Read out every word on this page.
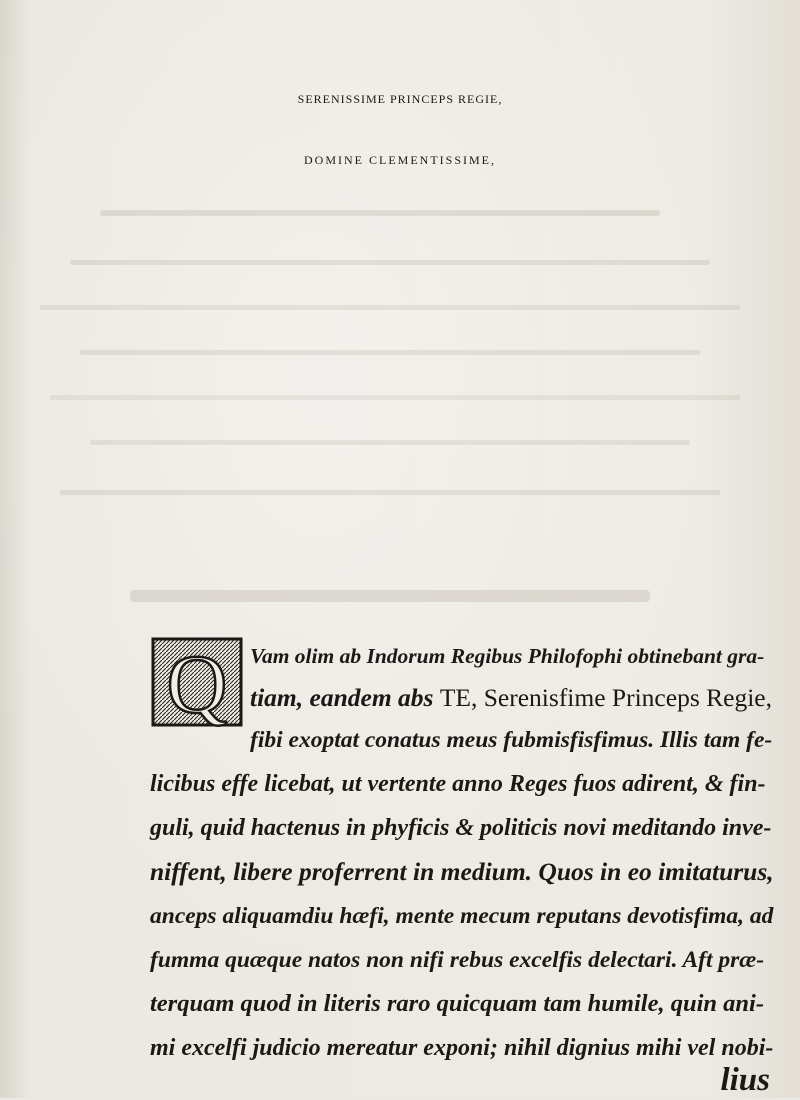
SERENISSIME PRINCEPS REGIE,
DOMINE CLEMENTISSIME,
Q Vam olim ab Indorum Regibus Philofophi obtinebant gra-
tiam, eandem abs TE, Serenisfime Princeps Regie,
fibi exoptat conatus meus fubmisfisfimus. Illis tam fe-
licibus effe licebat, ut vertente anno Reges fuos adirent, & fin-
guli, quid hactenus in phyficis & politicis novi meditando inve-
niffent, libere proferrent in medium. Quos in eo imitaturus,
anceps aliquamdiu hæfi, mente mecum reputans devotisfima, ad
fumma quæque natos non nifi rebus excelfis delectari. Aft præ-
terquam quod in literis raro quicquam tam humile, quin ani-
mi excelfi judicio mereatur exponi; nihil dignius mihi vel nobi-
lius
